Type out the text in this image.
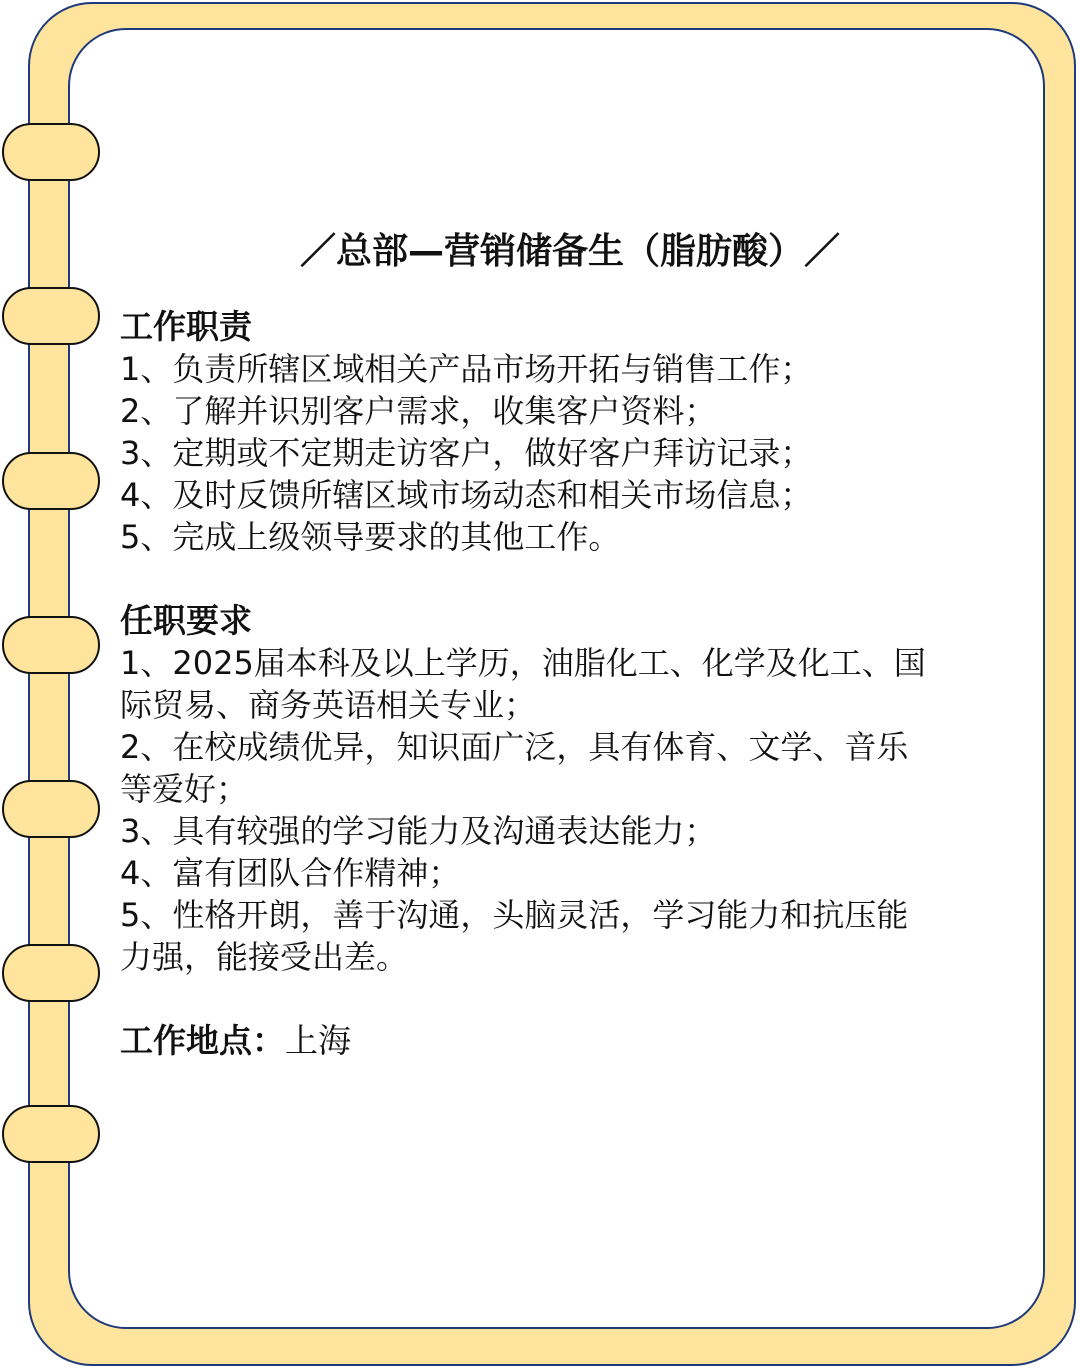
／总部—营销储备生（脂肪酸）／
工作职责
1、负责所辖区域相关产品市场开拓与销售工作；
2、了解并识别客户需求，收集客户资料；
3、定期或不定期走访客户，做好客户拜访记录；
4、及时反馈所辖区域市场动态和相关市场信息；
5、完成上级领导要求的其他工作。
任职要求
1、2025届本科及以上学历，油脂化工、化学及化工、国
际贸易、商务英语相关专业；
2、在校成绩优异，知识面广泛，具有体育、文学、音乐
等爱好；
3、具有较强的学习能力及沟通表达能力；
4、富有团队合作精神；
5、性格开朗，善于沟通，头脑灵活，学习能力和抗压能
力强，能接受出差。
工作地点：上海
